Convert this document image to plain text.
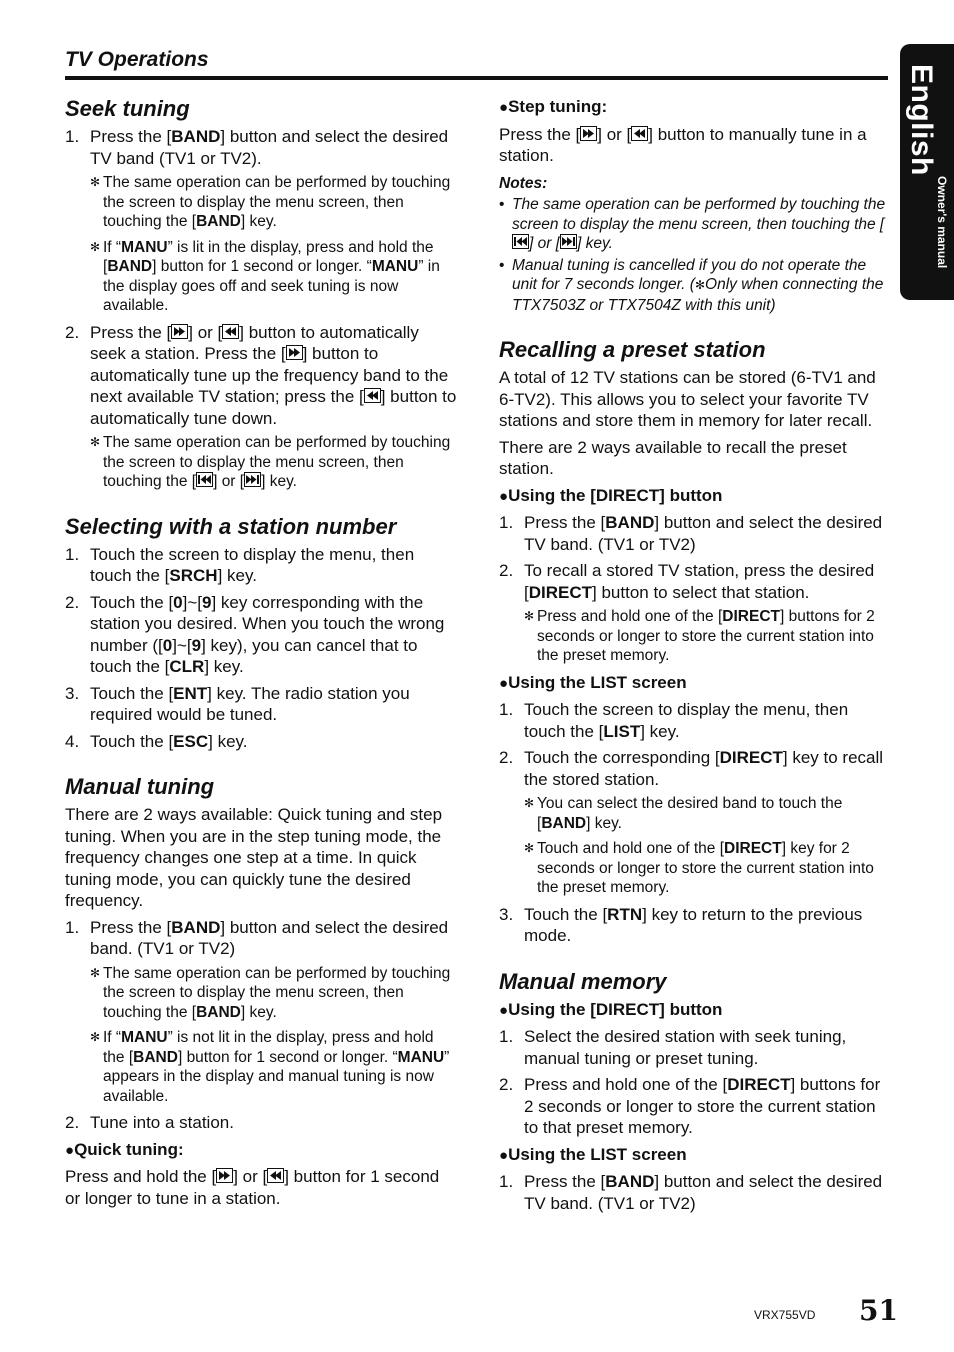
TV Operations
English
Owner's manual
Seek tuning
1. Press the [BAND] button and select the desired TV band (TV1 or TV2).
✻ The same operation can be performed by touching the screen to display the menu screen, then touching the [BAND] key.
✻ If “MANU” is lit in the display, press and hold the [BAND] button for 1 second or longer. “MANU” in the display goes off and seek tuning is now available.
2. Press the [ ] or [ ] button to automatically seek a station. Press the [ ] button to automatically tune up the frequency band to the next available TV station; press the [ ] button to automatically tune down.
✻ The same operation can be performed by touching the screen to display the menu screen, then touching the [ ] or [ ] key.
Selecting with a station number
1. Touch the screen to display the menu, then touch the [SRCH] key.
2. Touch the [0]~[9] key corresponding with the station you desired. When you touch the wrong number ([0]~[9] key), you can cancel that to touch the [CLR] key.
3. Touch the [ENT] key. The radio station you required would be tuned.
4. Touch the [ESC] key.
Manual tuning

There are 2 ways available: Quick tuning and step tuning. When you are in the step tuning mode, the frequency changes one step at a time. In quick tuning mode, you can quickly tune the desired frequency.

1. Press the [BAND] button and select the desired band. (TV1 or TV2)
✻ The same operation can be performed by touching the screen to display the menu screen, then touching the [BAND] key.
✻ If “MANU” is not lit in the display, press and hold the [BAND] button for 1 second or longer. “MANU” appears in the display and manual tuning is now available.
2. Tune into a station.
●Quick tuning:

Press and hold the [ ] or [ ] button for 1 second or longer to tune in a station.

●Step tuning:

Press the [ ] or [ ] button to manually tune in a station.

Notes:
• The same operation can be performed by touching the screen to display the menu screen, then touching the [
] or [ ] key.
• Manual tuning is cancelled if you do not operate the unit for 7 seconds longer. (✻Only when connecting the TTX7503Z or TTX7504Z with this unit)
Recalling a preset station

A total of 12 TV stations can be stored (6-TV1 and 6-TV2). This allows you to select your favorite TV stations and store them in memory for later recall.

There are 2 ways available to recall the preset station.

●Using the [DIRECT] button
1. Press the [BAND] button and select the desired TV band. (TV1 or TV2)
2. To recall a stored TV station, press the desired [DIRECT] button to select that station.
✻ Press and hold one of the [DIRECT] buttons for 2 seconds or longer to store the current station into the preset memory.
●Using the LIST screen
1. Touch the screen to display the menu, then touch the [LIST] key.
2. Touch the corresponding [DIRECT] key to recall the stored station.
✻ You can select the desired band to touch the [BAND] key.
✻ Touch and hold one of the [DIRECT] key for 2 seconds or longer to store the current station into the preset memory.
3. Touch the [RTN] key to return to the previous mode.
Manual memory
●Using the [DIRECT] button
1. Select the desired station with seek tuning, manual tuning or preset tuning.
2. Press and hold one of the [DIRECT] buttons for 2 seconds or longer to store the current station to that preset memory.
●Using the LIST screen
1. Press the [BAND] button and select the desired TV band. (TV1 or TV2)
VRX755VD 51
